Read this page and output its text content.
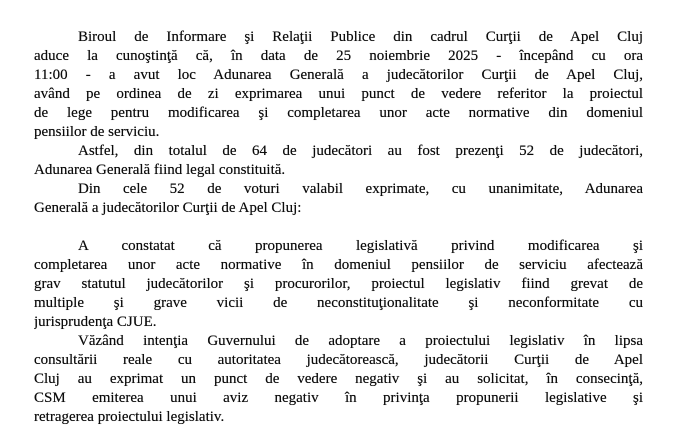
Biroul de Informare şi Relaţii Publice din cadrul Curţii de Apel Cluj
aduce la cunoştinţă că, în data de 25 noiembrie 2025 - începând cu ora
11:00 - a avut loc Adunarea Generală a judecătorilor Curţii de Apel Cluj,
având pe ordinea de zi exprimarea unui punct de vedere referitor la proiectul
de lege pentru modificarea şi completarea unor acte normative din domeniul
pensiilor de serviciu.
Astfel, din totalul de 64 de judecători au fost prezenţi 52 de judecători,
Adunarea Generală fiind legal constituită.
Din cele 52 de voturi valabil exprimate, cu unanimitate, Adunarea
Generală a judecătorilor Curţii de Apel Cluj:
A constatat că propunerea legislativă privind modificarea şi
completarea unor acte normative în domeniul pensiilor de serviciu afectează
grav statutul judecătorilor şi procurorilor, proiectul legislativ fiind grevat de
multiple şi grave vicii de neconstituţionalitate şi neconformitate cu
jurisprudenţa CJUE.
Văzând intenţia Guvernului de adoptare a proiectului legislativ în lipsa
consultării reale cu autoritatea judecătorească, judecătorii Curţii de Apel
Cluj au exprimat un punct de vedere negativ şi au solicitat, în consecinţă,
CSM emiterea unui aviz negativ în privinţa propunerii legislative şi
retragerea proiectului legislativ.
